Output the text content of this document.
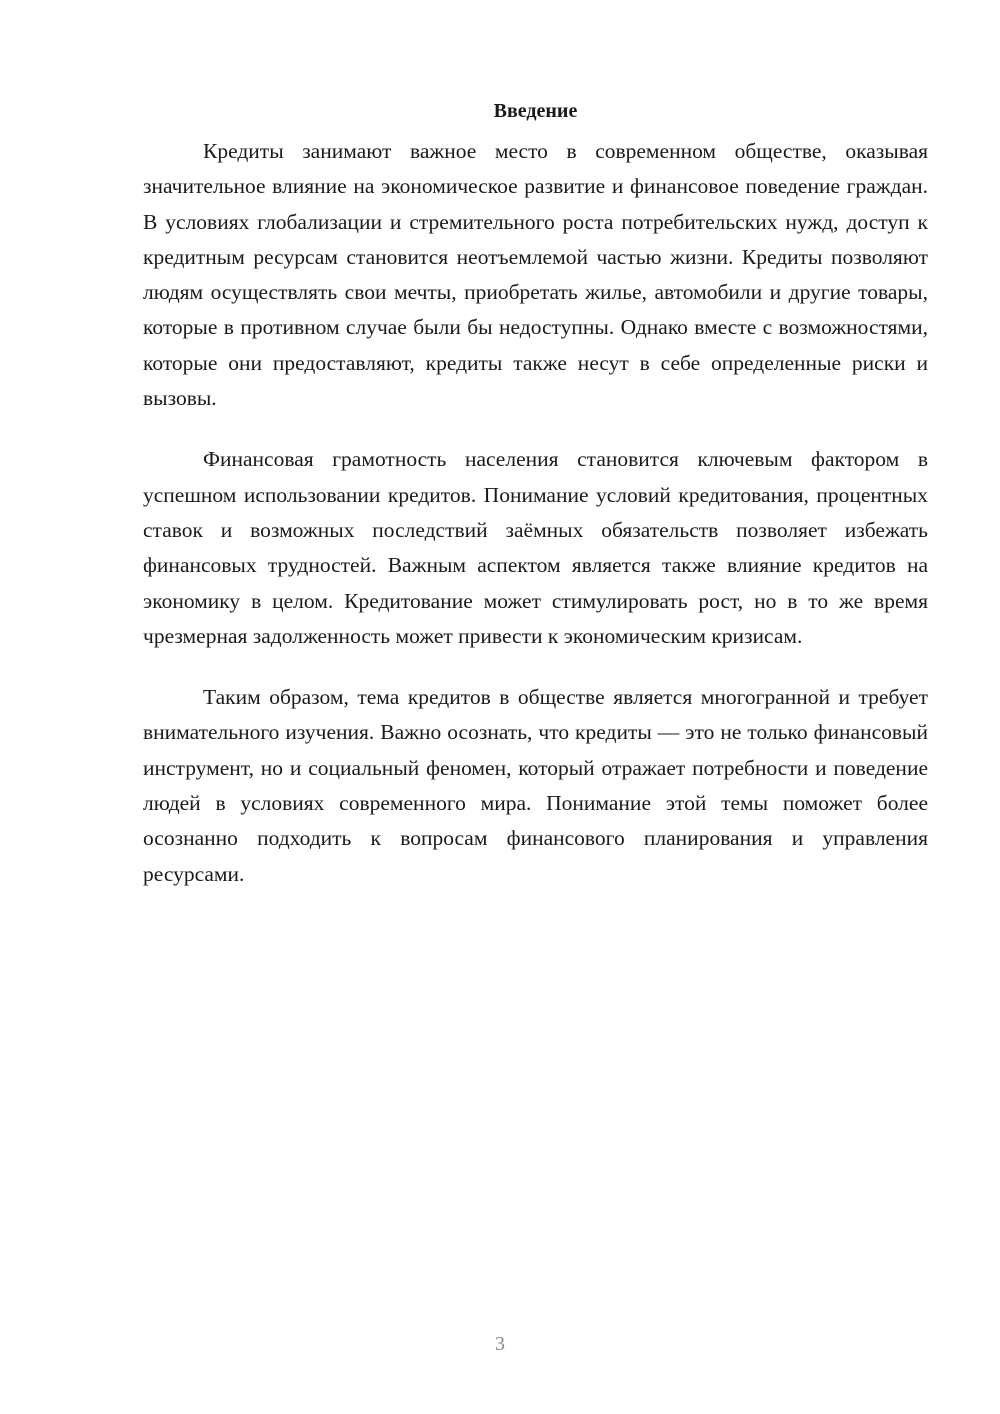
Введение

Кредиты занимают важное место в современном обществе, оказывая значительное влияние на экономическое развитие и финансовое поведение граждан. В условиях глобализации и стремительного роста потребительских нужд, доступ к кредитным ресурсам становится неотъемлемой частью жизни. Кредиты позволяют людям осуществлять свои мечты, приобретать жилье, автомобили и другие товары, которые в противном случае были бы недоступны. Однако вместе с возможностями, которые они предоставляют, кредиты также несут в себе определенные риски и вызовы.

Финансовая грамотность населения становится ключевым фактором в успешном использовании кредитов. Понимание условий кредитования, процентных ставок и возможных последствий заёмных обязательств позволяет избежать финансовых трудностей. Важным аспектом является также влияние кредитов на экономику в целом. Кредитование может стимулировать рост, но в то же время чрезмерная задолженность может привести к экономическим кризисам.

Таким образом, тема кредитов в обществе является многогранной и требует внимательного изучения. Важно осознать, что кредиты — это не только финансовый инструмент, но и социальный феномен, который отражает потребности и поведение людей в условиях современного мира. Понимание этой темы поможет более осознанно подходить к вопросам финансового планирования и управления ресурсами.

3
